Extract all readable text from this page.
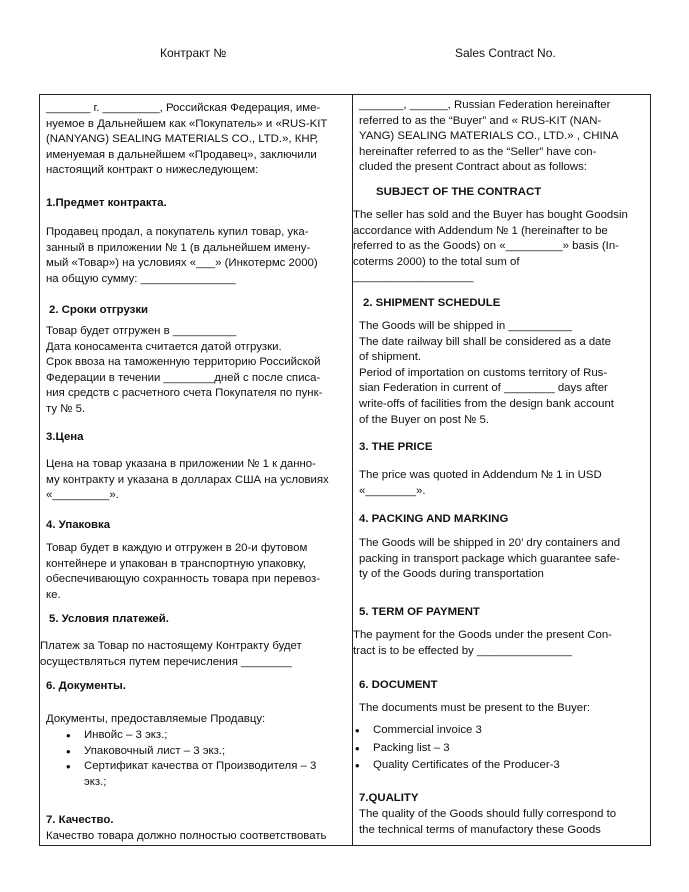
Контракт №	Sales Contract No.
_______ г. _________, Российская Федерация, име-
нуемое в Дальнейшем как «Покупатель» и «RUS-KIT
(NANYANG) SEALING MATERIALS CO., LTD.», КНР,
именуемая в дальнейшем «Продавец», заключили
настоящий контракт о нижеследующем:
1.Предмет контракта.
Продавец продал, а покупатель купил товар, ука-
занный в приложении № 1 (в дальнейшем имену-
мый «Товар») на условиях «___» (Инкотермс 2000)
на общую сумму: _______________
2. Сроки отгрузки
Товар будет отгружен в __________
Дата коносамента считается датой отгрузки.
Срок ввоза на таможенную территорию Российской
Федерации в течении ________дней с после списа-
ния средств с расчетного счета Покупателя по пунк-
ту № 5.
3.Цена
Цена на товар указана в приложении № 1 к данно-
му контракту и указана в долларах США на условиях
«_________».
4. Упаковка
Товар будет в каждую и отгружен в 20-и футовом
контейнере и упакован в транспортную упаковку,
обеспечивающую сохранность товара при перевоз-
ке.
5. Условия платежей.
Платеж за Товар по настоящему Контракту будет
осуществляться путем перечисления ________
6. Документы.
Документы, предоставляемые Продавцу:
• Инвойс – 3 экз.;
• Упаковочный лист – 3 экз.;
• Сертификат качества от Производителя – 3
экз.;
7. Качество.
Качество товара должно полностью соответствовать
_______, ______, Russian Federation hereinafter
referred to as the “Buyer” and « RUS-KIT (NAN-
YANG) SEALING MATERIALS CO., LTD.» , CHINA
hereinafter referred to as the “Seller” have con-
cluded the present Contract about as follows:
SUBJECT OF THE CONTRACT
The seller has sold and the Buyer has bought Goodsin
accordance with Addendum № 1 (hereinafter to be
referred to as the Goods) on «_________» basis (In-
coterms 2000) to the total sum of
___________________
2. SHIPMENT SCHEDULE
The Goods will be shipped in __________
The date railway bill shall be considered as a date
of shipment.
Period of importation on customs territory of Rus-
sian Federation in current of ________ days after
write-offs of facilities from the design bank account
of the Buyer on post № 5.
3. THE PRICE
The price was quoted in Addendum № 1 in USD
«________».
4. PACKING AND MARKING
The Goods will be shipped in 20’ dry containers and
packing in transport package which guarantee safe-
ty of the Goods during transportation
5. TERM OF PAYMENT
The payment for the Goods under the present Con-
tract is to be effected by _______________
6. DOCUMENT
The documents must be present to the Buyer:
• Commercial invoice 3
• Packing list – 3
• Quality Certificates of the Producer-3
7.QUALITY
The quality of the Goods should fully correspond to
the technical terms of manufactory these Goods
